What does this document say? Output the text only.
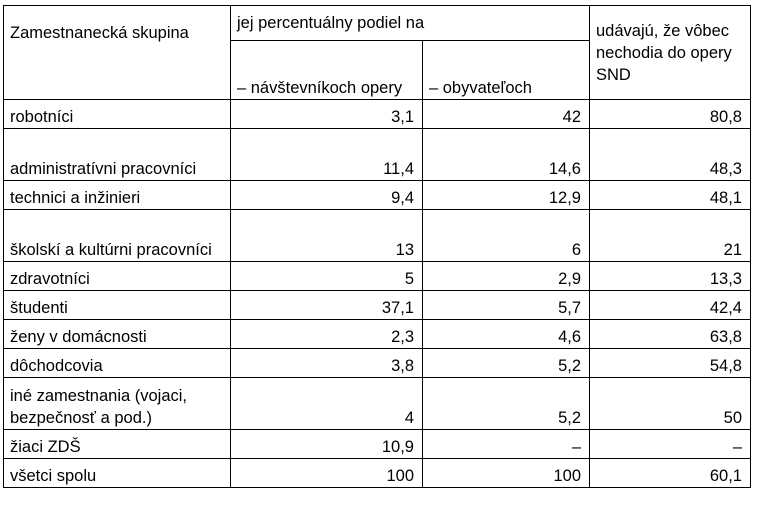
Zamestnanecká skupina	jej percentuálny podiel na		udávajú, že vôbec nechodia do opery SND
	– návštevníkoch opery	– obyvateľoch	
robotníci	3,1	42	80,8
administratívni pracovníci	11,4	14,6	48,3
technici a inžinieri	9,4	12,9	48,1
školskí a kultúrni pracovníci	13	6	21
zdravotníci	5	2,9	13,3
študenti	37,1	5,7	42,4
ženy v domácnosti	2,3	4,6	63,8
dôchodcovia	3,8	5,2	54,8
iné zamestnania (vojaci, bezpečnosť a pod.)	4	5,2	50
žiaci ZDŠ	10,9	–	–
všetci spolu	100	100	60,1
